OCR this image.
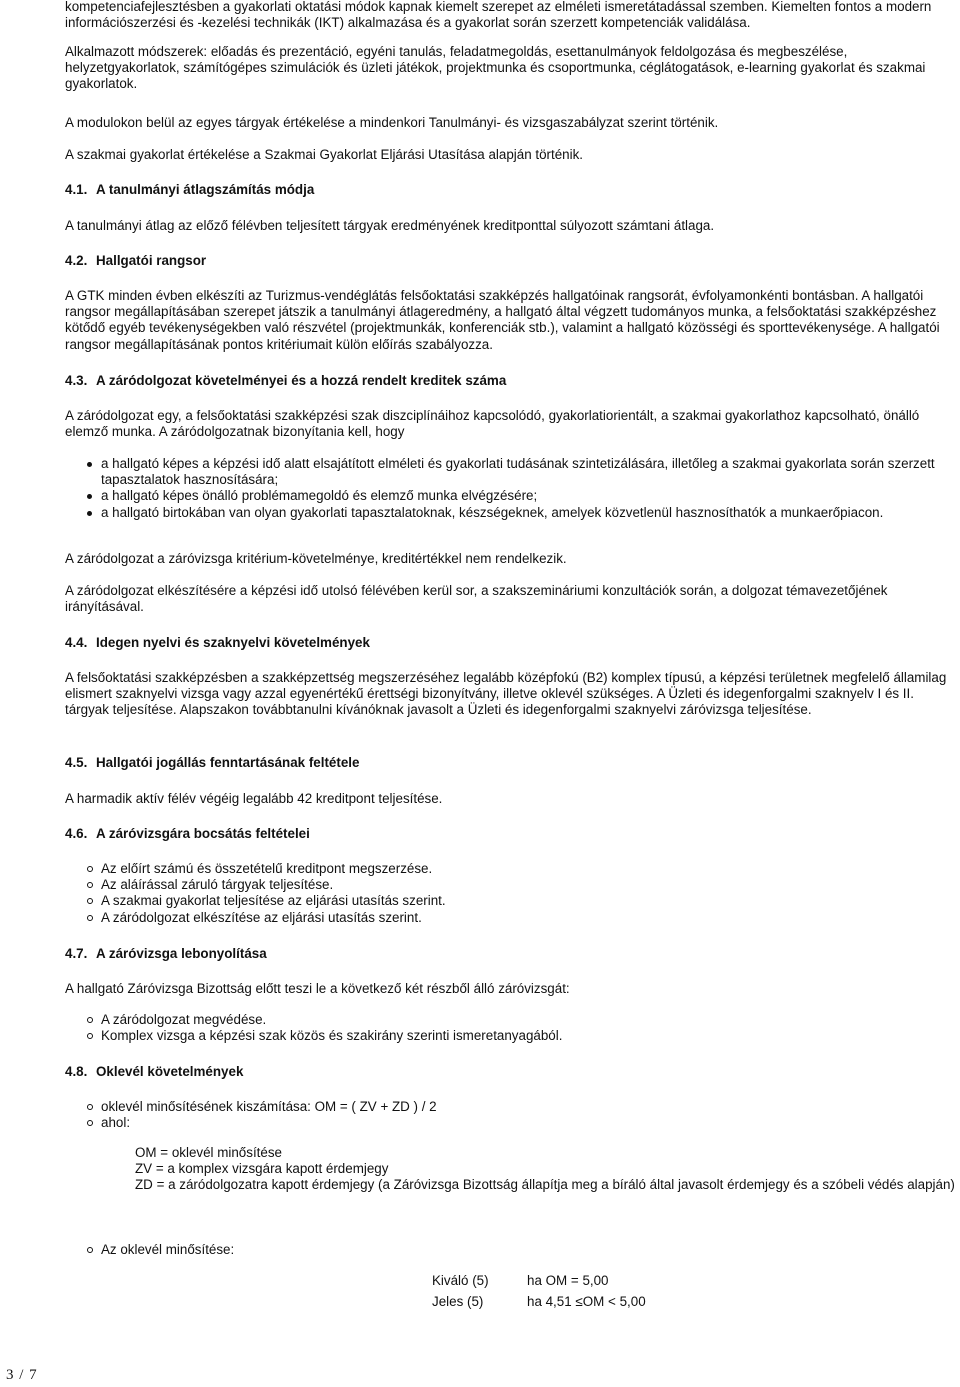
kompetenciafejlesztésben a gyakorlati oktatási módok kapnak kiemelt szerepet az elméleti ismeretátadással szemben. Kiemelten fontos a modern információszerzési és -kezelési technikák (IKT) alkalmazása és a gyakorlat során szerzett kompetenciák validálása.

Alkalmazott módszerek: előadás és prezentáció, egyéni tanulás, feladatmegoldás, esettanulmányok feldolgozása és megbeszélése, helyzetgyakorlatok, számítógépes szimulációk és üzleti játékok, projektmunka és csoportmunka, céglátogatások, e-learning gyakorlat és szakmai gyakorlatok.

A modulokon belül az egyes tárgyak értékelése a mindenkori Tanulmányi- és vizsgaszabályzat szerint történik.

A szakmai gyakorlat értékelése a Szakmai Gyakorlat Eljárási Utasítása alapján történik.

4.1. A tanulmányi átlagszámítás módja

A tanulmányi átlag az előző félévben teljesített tárgyak eredményének kreditponttal súlyozott számtani átlaga.

4.2. Hallgatói rangsor

A GTK minden évben elkészíti az Turizmus-vendéglátás felsőoktatási szakképzés hallgatóinak rangsorát, évfolyamonkénti bontásban. A hallgatói rangsor megállapításában szerepet játszik a tanulmányi átlageredmény, a hallgató által végzett tudományos munka, a felsőoktatási szakképzéshez kötődő egyéb tevékenységekben való részvétel (projektmunkák, konferenciák stb.), valamint a hallgató közösségi és sporttevékenysége. A hallgatói rangsor megállapításának pontos kritériumait külön előírás szabályozza.

4.3. A záródolgozat követelményei és a hozzá rendelt kreditek száma

A záródolgozat egy, a felsőoktatási szakképzési szak diszciplínáihoz kapcsolódó, gyakorlatiorientált, a szakmai gyakorlathoz kapcsolható, önálló elemző munka. A záródolgozatnak bizonyítania kell, hogy

a hallgató képes a képzési idő alatt elsajátított elméleti és gyakorlati tudásának szintetizálására, illetőleg a szakmai gyakorlata során szerzett tapasztalatok hasznosítására;
a hallgató képes önálló problémamegoldó és elemző munka elvégzésére;
a hallgató birtokában van olyan gyakorlati tapasztalatoknak, készségeknek, amelyek közvetlenül hasznosíthatók a munkaerőpiacon.

A záródolgozat a záróvizsga kritérium-követelménye, kreditértékkel nem rendelkezik.

A záródolgozat elkészítésére a képzési idő utolsó félévében kerül sor, a szakszemináriumi konzultációk során, a dolgozat témavezetőjének irányításával.

4.4. Idegen nyelvi és szaknyelvi követelmények

A felsőoktatási szakképzésben a szakképzettség megszerzéséhez legalább középfokú (B2) komplex típusú, a képzési területnek megfelelő államilag elismert szaknyelvi vizsga vagy azzal egyenértékű érettségi bizonyítvány, illetve oklevél szükséges. A Üzleti és idegenforgalmi szaknyelv I és II. tárgyak teljesítése. Alapszakon továbbtanulni kívánóknak javasolt a Üzleti és idegenforgalmi szaknyelvi záróvizsga teljesítése.

4.5. Hallgatói jogállás fenntartásának feltétele

A harmadik aktív félév végéig legalább 42 kreditpont teljesítése.

4.6. A záróvizsgára bocsátás feltételei
Az előírt számú és összetételű kreditpont megszerzése.
Az aláírással záruló tárgyak teljesítése.
A szakmai gyakorlat teljesítése az eljárási utasítás szerint.
A záródolgozat elkészítése az eljárási utasítás szerint.
4.7. A záróvizsga lebonyolítása

A hallgató Záróvizsga Bizottság előtt teszi le a következő két részből álló záróvizsgát:

A záródolgozat megvédése.
Komplex vizsga a képzési szak közös és szakirány szerinti ismeretanyagából.
4.8. Oklevél követelmények
oklevél minősítésének kiszámítása: OM = ( ZV + ZD ) / 2
ahol:
OM = oklevél minősítése
ZV = a komplex vizsgára kapott érdemjegy
ZD = a záródolgozatra kapott érdemjegy (a Záróvizsga Bizottság állapítja meg a bíráló által javasolt érdemjegy és a szóbeli védés alapján)
Az oklevél minősítése:
Kiváló (5)	ha OM = 5,00
Jeles (5)	ha 4,51 ≤OM < 5,00
3 / 7
